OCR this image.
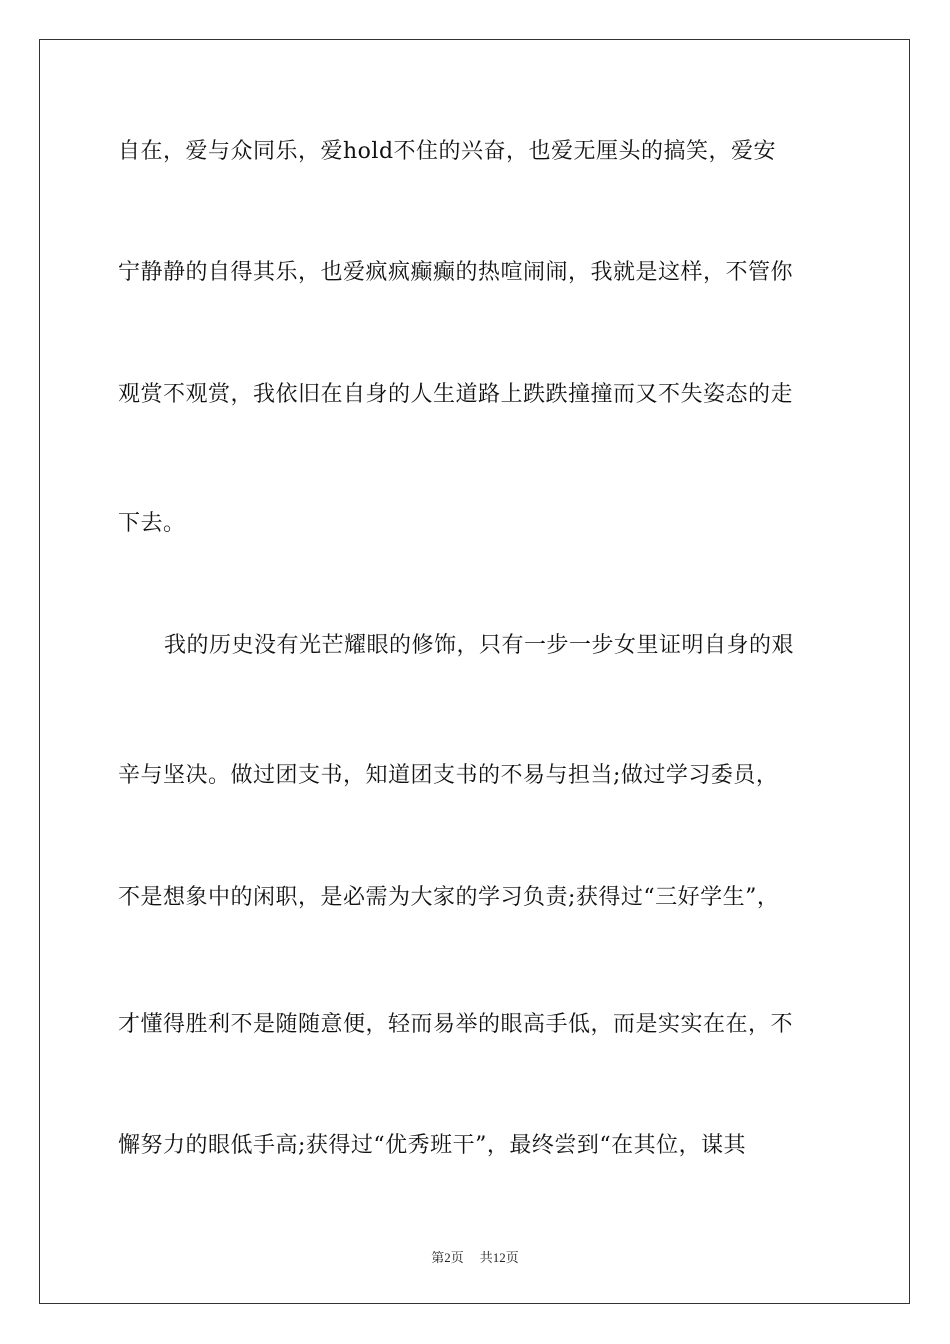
自在，爱与众同乐，爱hold不住的兴奋，也爱无厘头的搞笑，爱安
宁静静的自得其乐，也爱疯疯癫癫的热喧闹闹，我就是这样，不管你
观赏不观赏，我依旧在自身的人生道路上跌跌撞撞而又不失姿态的走
下去。
我的历史没有光芒耀眼的修饰，只有一步一步女里证明自身的艰
辛与坚决。做过团支书，知道团支书的不易与担当;做过学习委员，
不是想象中的闲职，是必需为大家的学习负责;获得过“三好学生”，
才懂得胜利不是随随意便，轻而易举的眼高手低，而是实实在在，不
懈努力的眼低手高;获得过“优秀班干”，最终尝到“在其位，谋其
第2页 共12页
